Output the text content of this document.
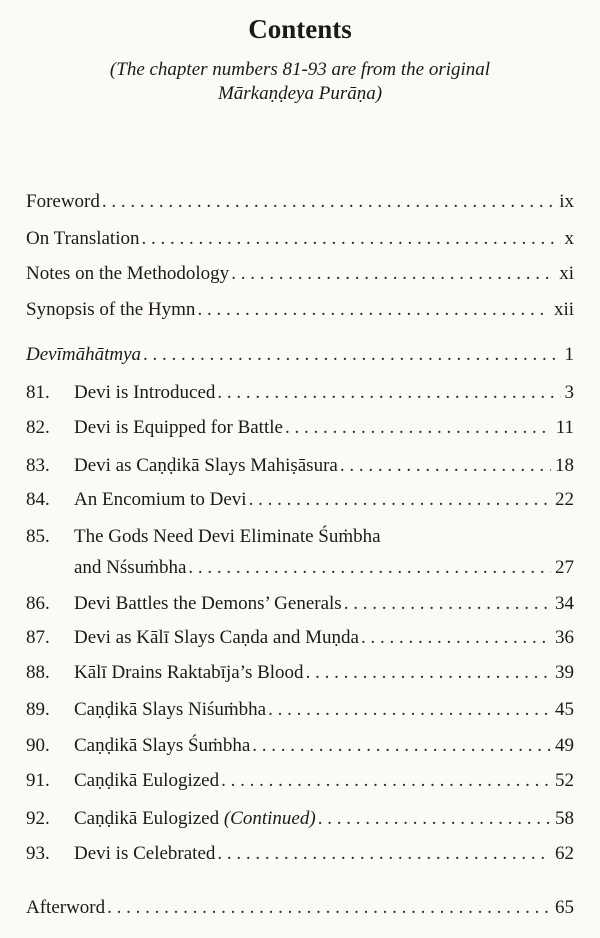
Contents
(The chapter numbers 81-93 are from the original
Mārkaṇḍeya Purāṇa)
Foreword . . .	ix
On Translation . . .	x
Notes on the Methodology . . .	xi
Synopsis of the Hymn . . .	xii
Devīmāhātmya . . .	1
81.	Devi is Introduced . . .	3
82.	Devi is Equipped for Battle . . .	11
83.	Devi as Caṇḍikā Slays Mahiṣāsura . . .	18
84.	An Encomium to Devi . . .	22
85. The Gods Need Devi Eliminate Śuṁbha
and Nśsuṁbha . . .	27
86.	Devi Battles the Demons’ Generals . . .	34
87.	Devi as Kālī Slays Caṇda and Muṇda . . .	36
88.	Kālī Drains Raktabīja’s Blood . . .	39
89.	Caṇḍikā Slays Niśuṁbha . . .	45
90.	Caṇḍikā Slays Śuṁbha . . .	49
91.	Caṇḍikā Eulogized . . .	52
92.	Caṇḍikā Eulogized (Continued) . . .	58
93.	Devi is Celebrated . . .	62
Afterword . . .	65
